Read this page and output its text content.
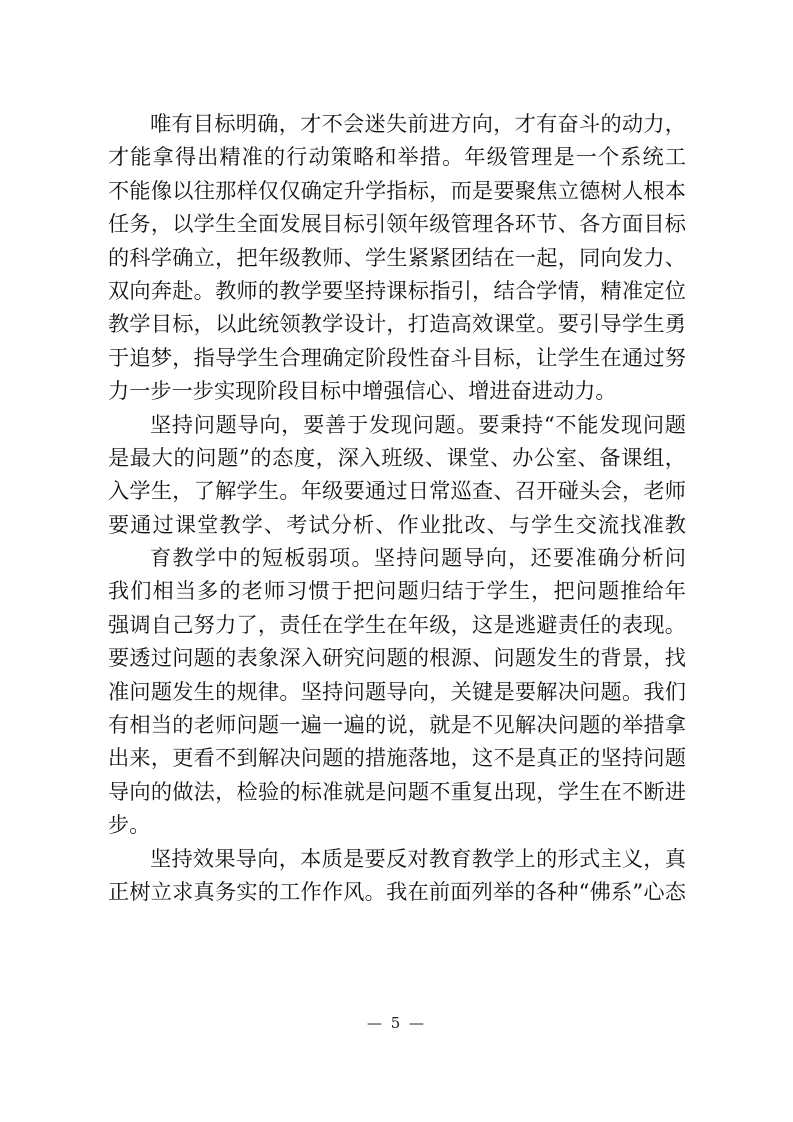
唯有目标明确，才不会迷失前进方向，才有奋斗的动力，
才能拿得出精准的行动策略和举措。年级管理是一个系统工
不能像以往那样仅仅确定升学指标，而是要聚焦立德树人根本
任务，以学生全面发展目标引领年级管理各环节、各方面目标
的科学确立，把年级教师、学生紧紧团结在一起，同向发力、
双向奔赴。教师的教学要坚持课标指引，结合学情，精准定位
教学目标，以此统领教学设计，打造高效课堂。要引导学生勇
于追梦，指导学生合理确定阶段性奋斗目标，让学生在通过努
力一步一步实现阶段目标中增强信心、增进奋进动力。
坚持问题导向，要善于发现问题。要秉持“不能发现问题
是最大的问题”的态度，深入班级、课堂、办公室、备课组，
入学生，了解学生。年级要通过日常巡查、召开碰头会，老师
要通过课堂教学、考试分析、作业批改、与学生交流找准教
育教学中的短板弱项。坚持问题导向，还要准确分析问
我们相当多的老师习惯于把问题归结于学生，把问题推给年
强调自己努力了，责任在学生在年级，这是逃避责任的表现。
要透过问题的表象深入研究问题的根源、问题发生的背景，找
准问题发生的规律。坚持问题导向，关键是要解决问题。我们
有相当的老师问题一遍一遍的说，就是不见解决问题的举措拿
出来，更看不到解决问题的措施落地，这不是真正的坚持问题
导向的做法，检验的标准就是问题不重复出现，学生在不断进
步。
坚持效果导向，本质是要反对教育教学上的形式主义，真
正树立求真务实的工作作风。我在前面列举的各种“佛系”心态
— 5 —
